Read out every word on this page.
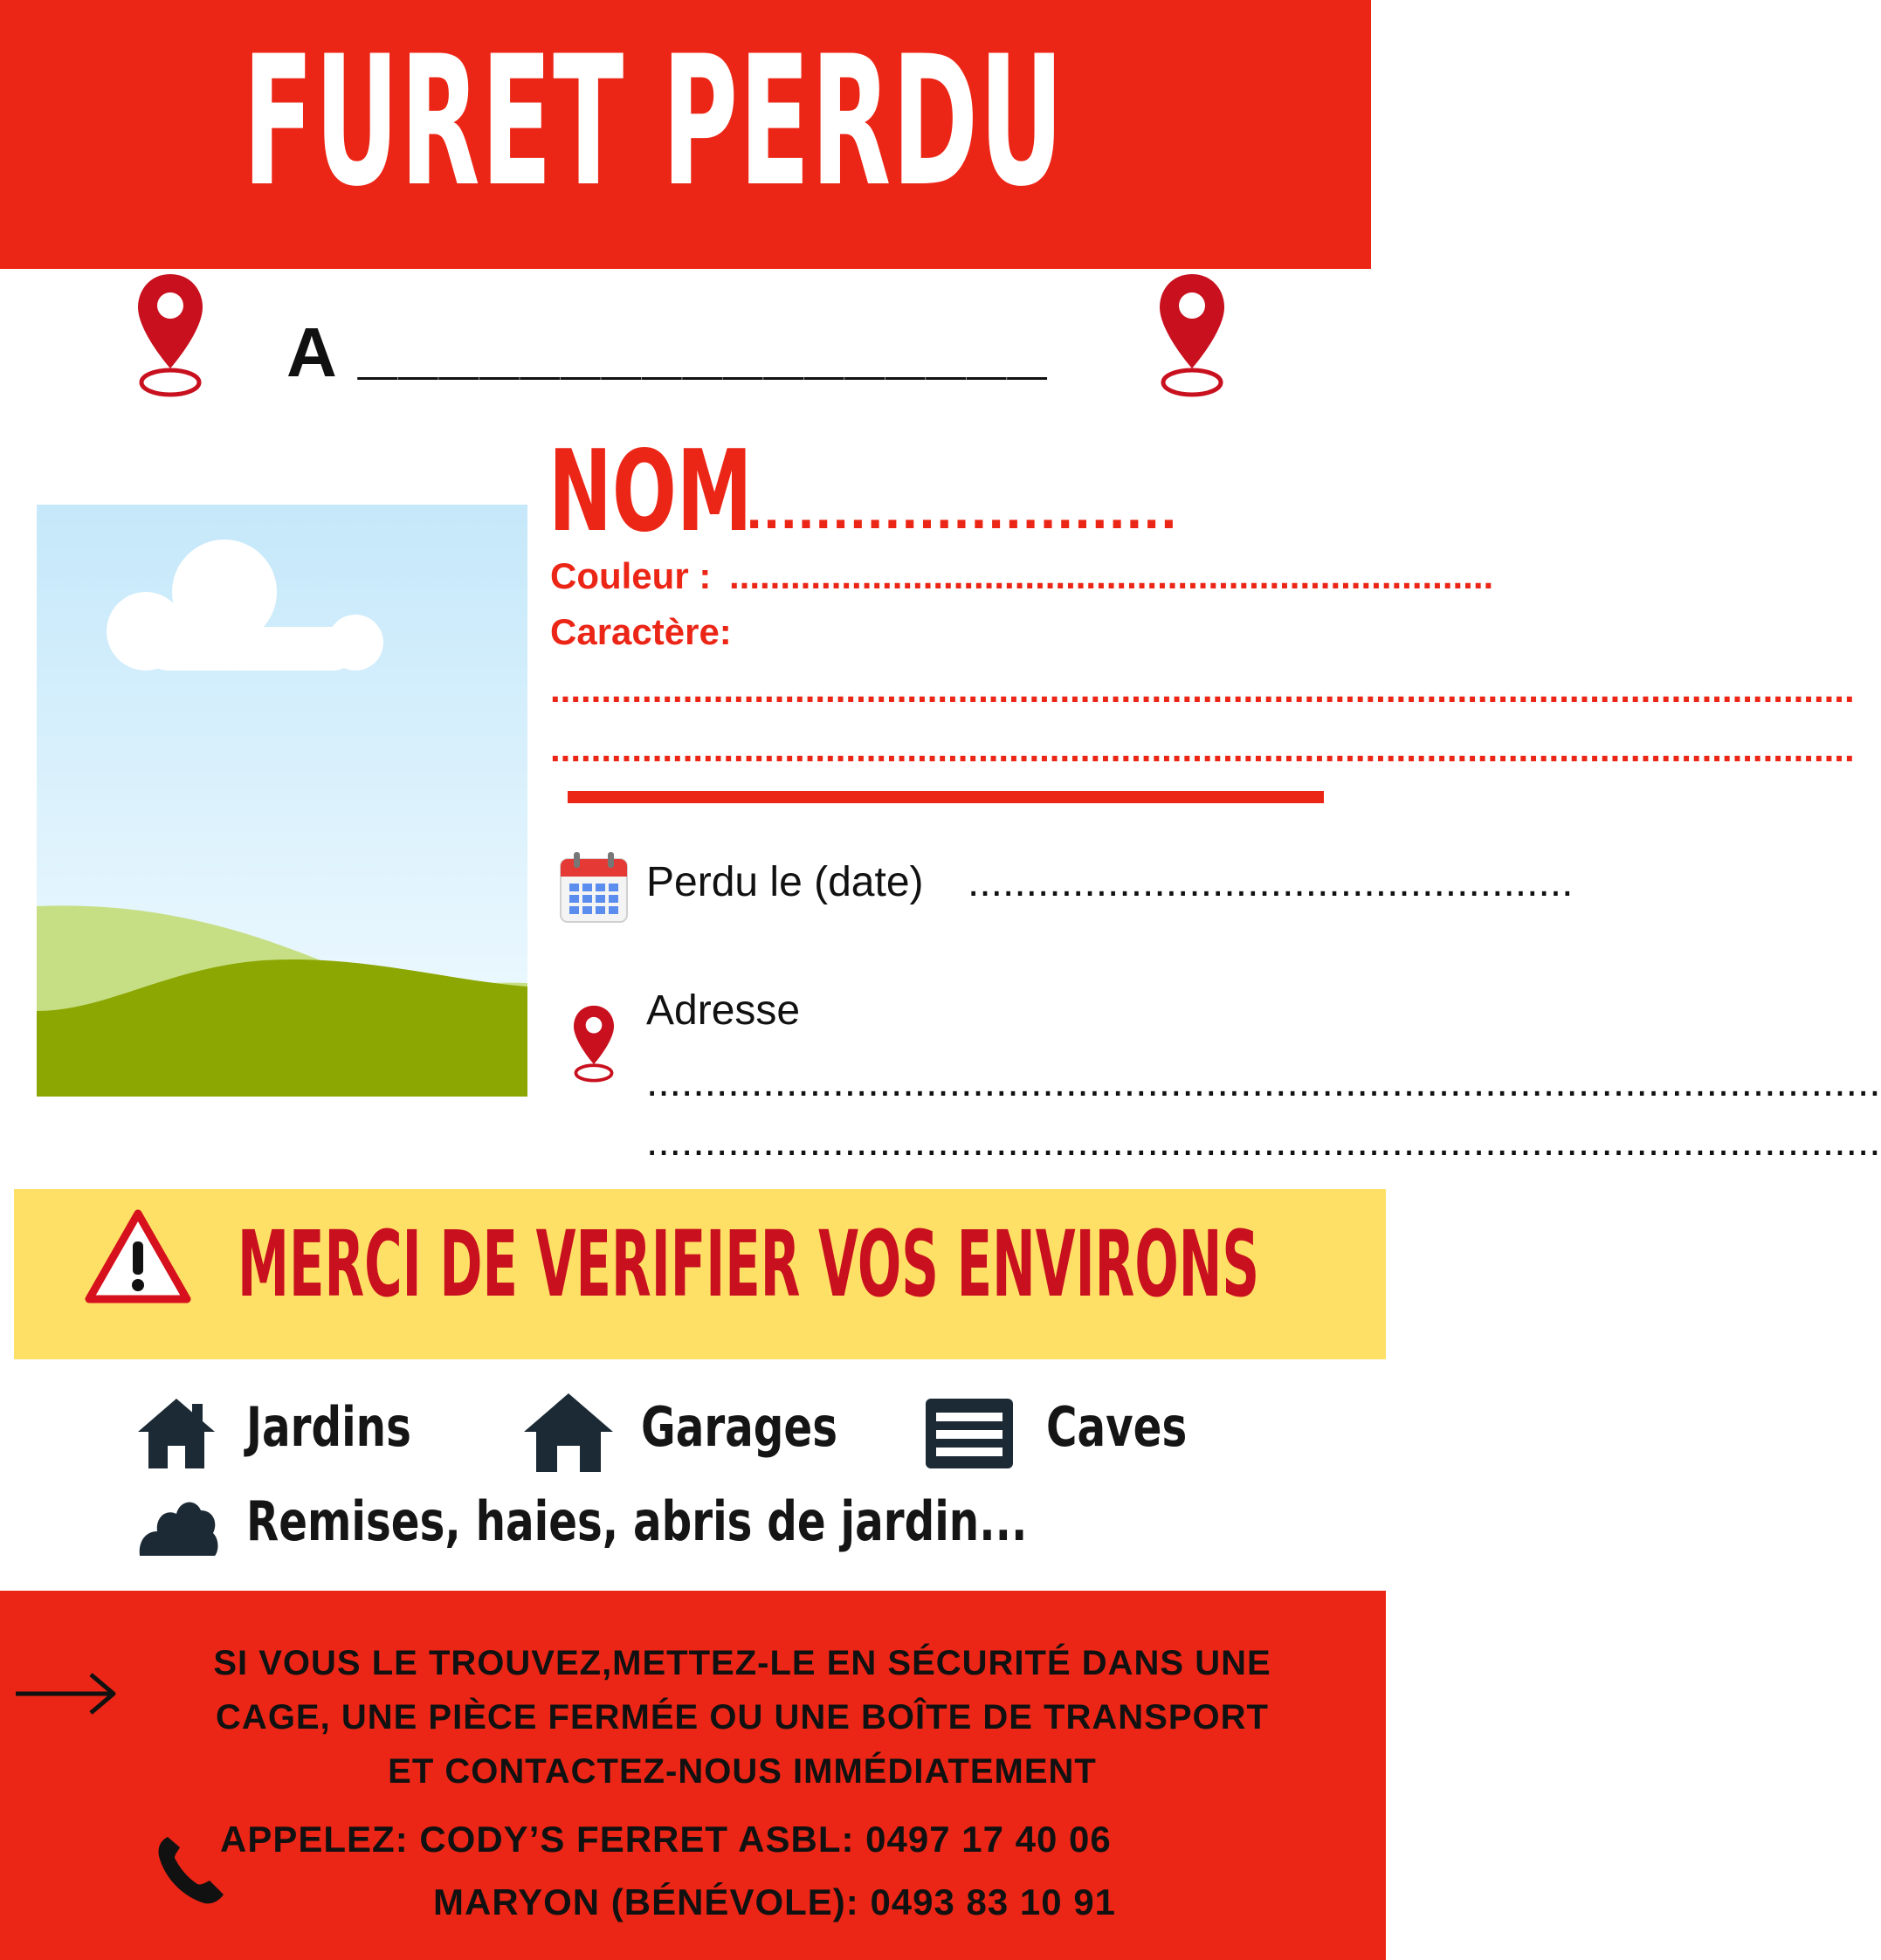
FURET PERDU
A _________________
NOM
..........................
Couleur : ...........................................................................
Caractère:
................................................................................................................................
................................................................................................................................
Perdu le (date) ....................................................
Adresse
..........................................................................................................
..........................................................................................................
MERCI DE VERIFIER VOS ENVIRONS
Jardins	Garages	Caves
Remises, haies, abris de jardin...
SI VOUS LE TROUVEZ,METTEZ-LE EN SÉCURITÉ DANS UNE
CAGE, UNE PIÈCE FERMÉE OU UNE BOÎTE DE TRANSPORT
ET CONTACTEZ-NOUS IMMÉDIATEMENT
APPELEZ: CODY’S FERRET ASBL: 0497 17 40 06
MARYON (BÉNÉVOLE): 0493 83 10 91
